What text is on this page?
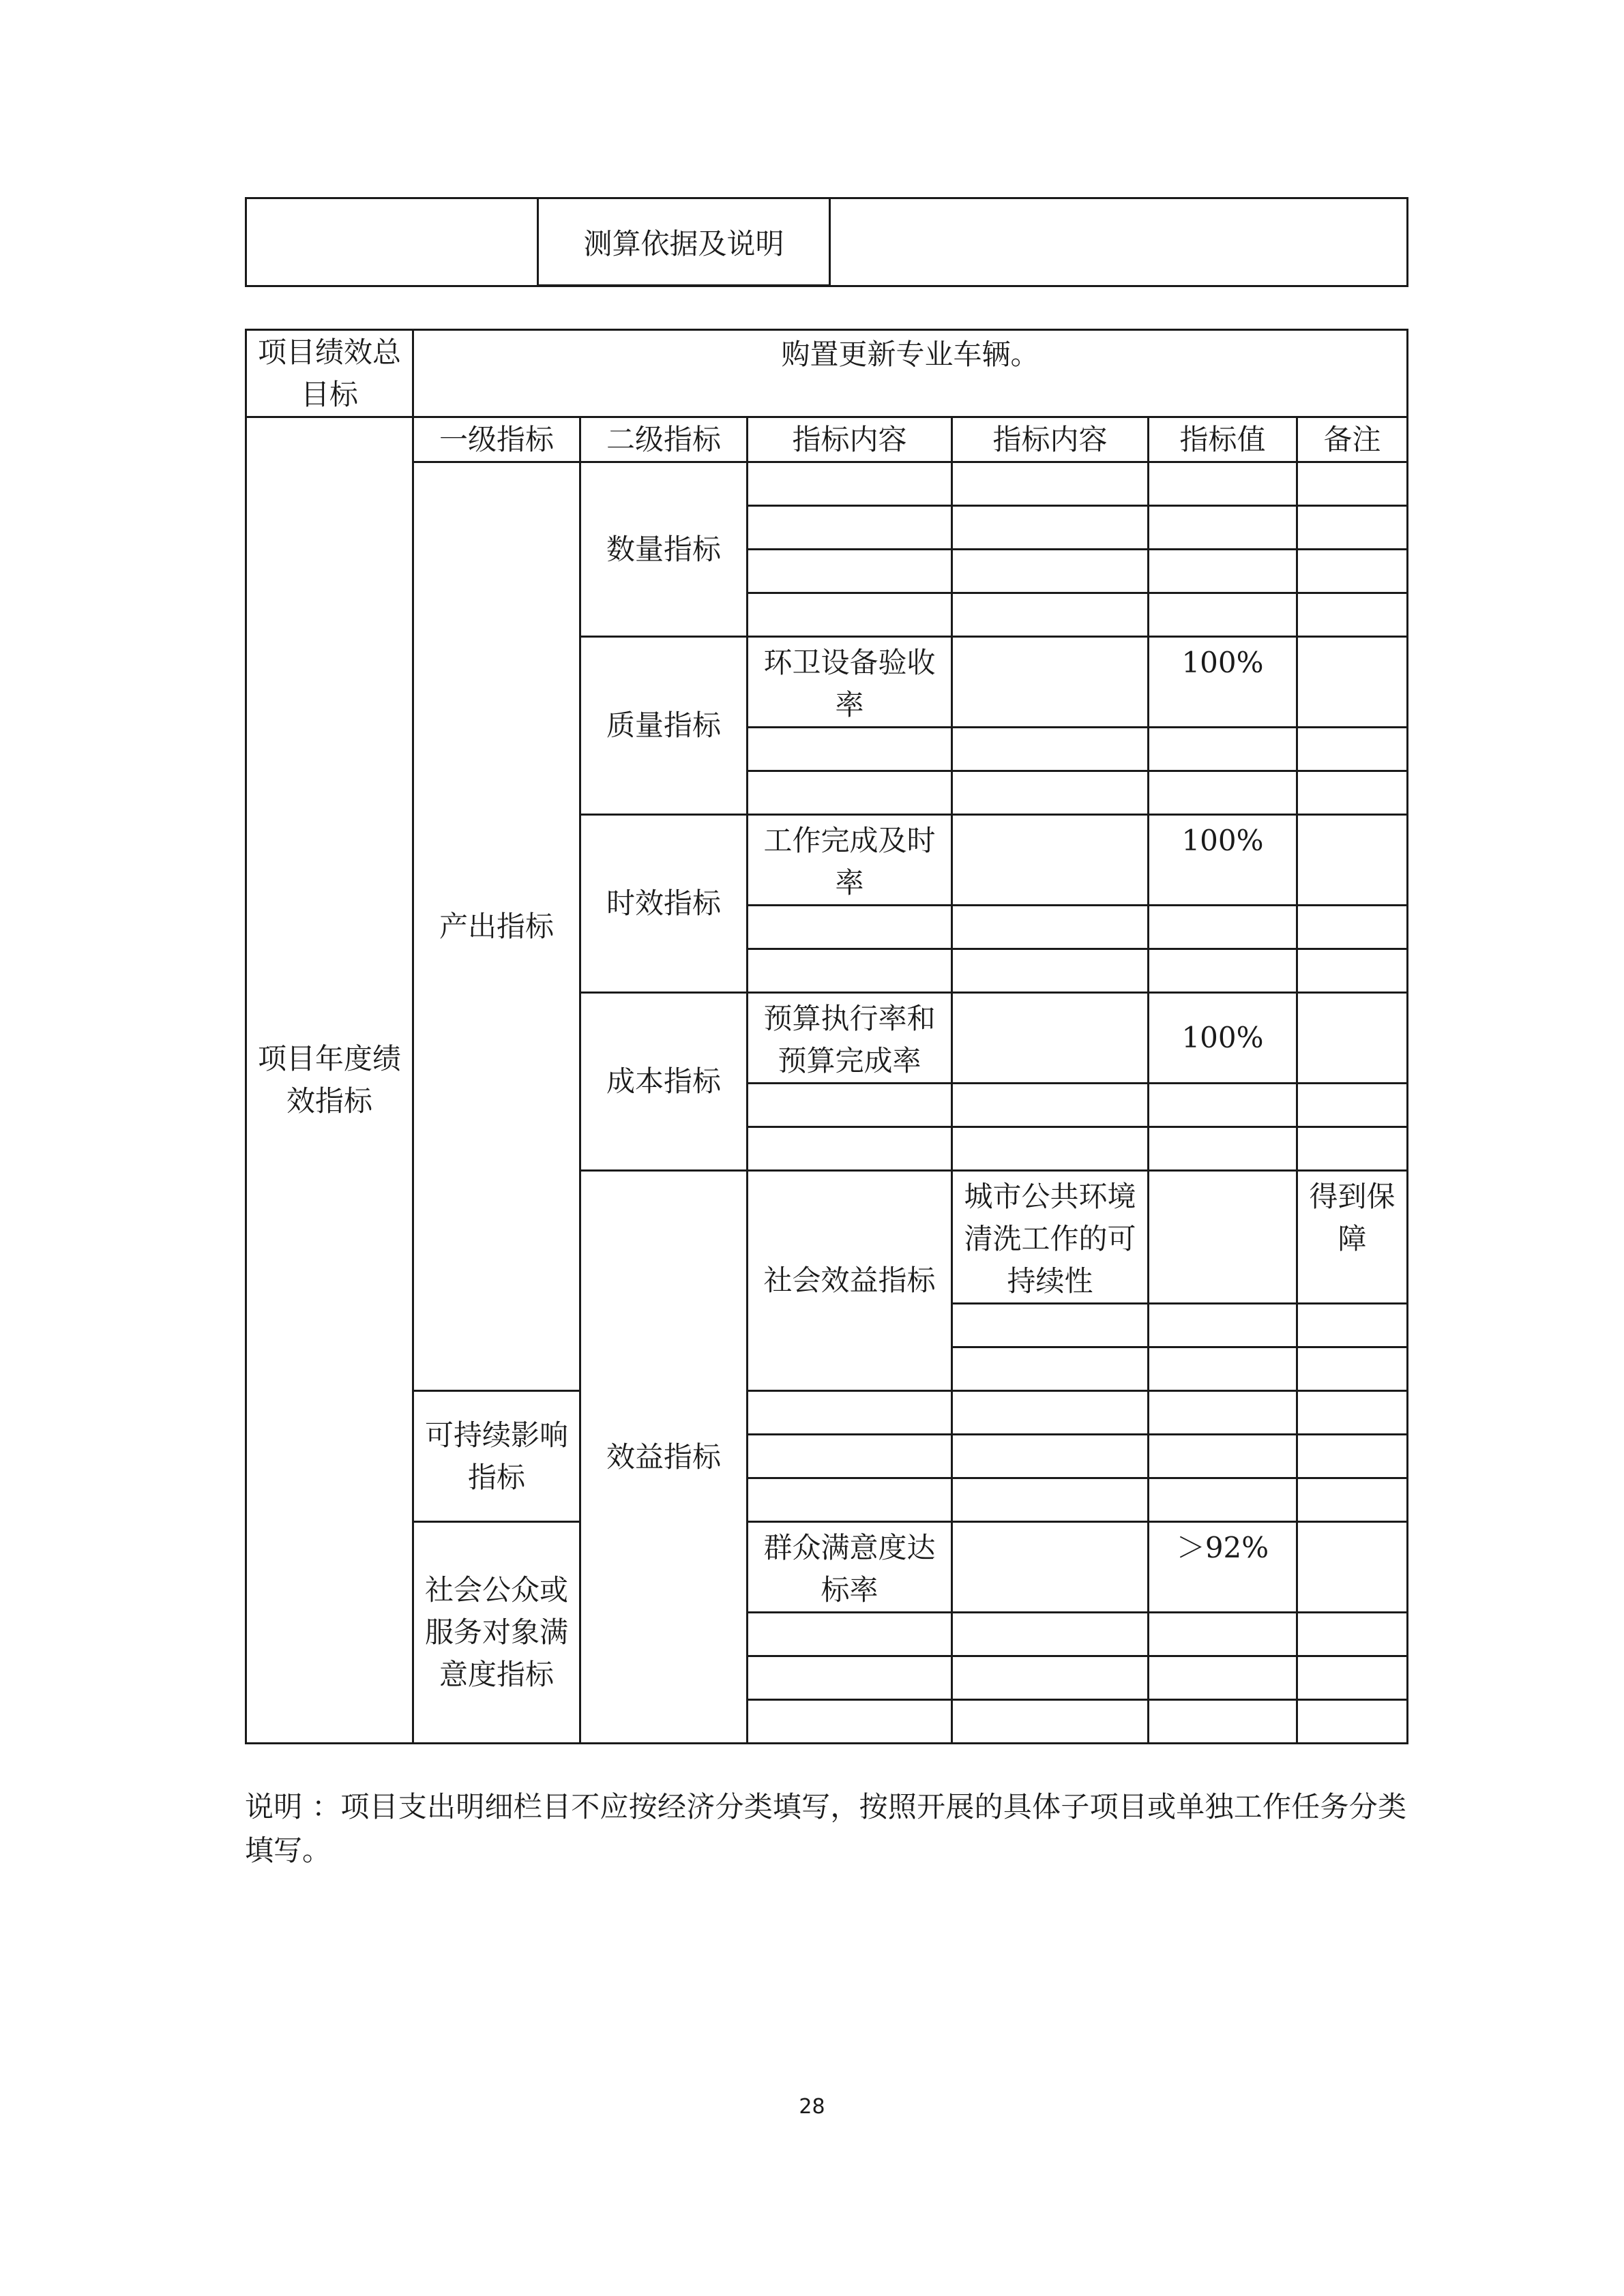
	测算依据及说明	
项目绩效总目标	购置更新专业车辆。						
项目年度绩效指标	一级指标	二级指标	指标内容	指标内容	指标值	备注	
	产出指标	数量指标					

		质量指标	环卫设备验收率		100%		

		时效指标	工作完成及时率		100%		

		成本指标	预算执行率和预算完成率		100%		

		效益指标	社会效益指标	城市公共环境清洗工作的可持续性		得到保障	

	可持续影响指标						

	社会公众或服务对象满意度指标		群众满意度达标率		＞92%		

说明 ：项目支出明细栏目不应按经济分类填写，按照开展的具体子项目或单独工作任务分类填写。

28
